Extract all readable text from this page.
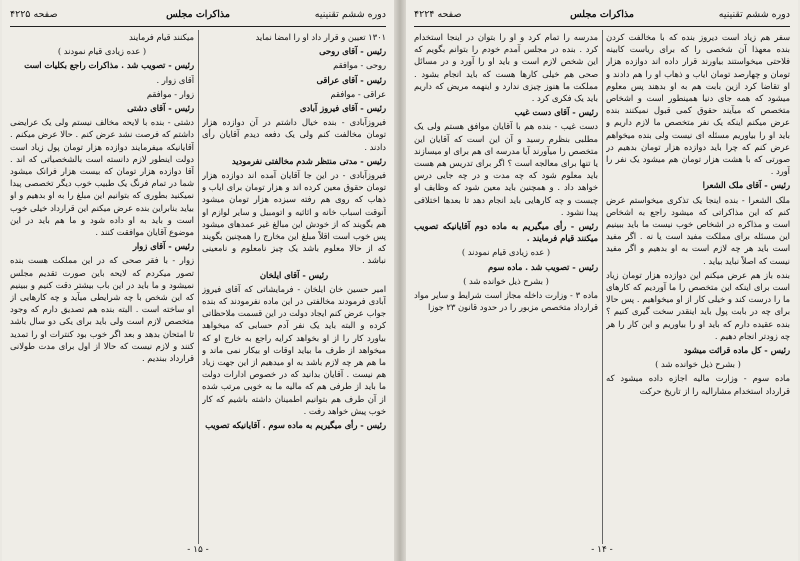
صفحه ۴۲۲۵	مذاکرات مجلس	دوره ششم تقنینیه

۱۳۰۱ تعیین و قرار داد او را امضا نماید

رئیس - آقای روحی

روحی - موافقم

رئیس - آقای عراقی

عراقی - موافقم

رئیس - آقای فیروز آبادی

فیروزآبادی - بنده خیال داشتم در آن دوازده هزار تومان مخالفت کنم ولی یک دفعه دیدم آقایان رأی دادند .

رئیس - مدتی منتظر شدم مخالفتی نفرمودید

فیروزآبادی - در این جا آقایان آمده اند دوازده هزار تومان حقوق معین کرده اند و هزار تومان برای ایاب و ذهاب که روی هم رفته سیزده هزار تومان میشود آنوقت اسباب خانه و اثاثیه و اتومبیل و سایر لوازم او هم بگویند که از خودش این مبالغ غیر عمدهای میشود پس خوب است اقلاً مبلغ این مخارج را همچنین بگویند که از حالا معلوم باشد یک چیز نامعلوم و نامعینی نباشد .

رئیس - آقای ایلخان

امیر حسین خان ایلخان - فرمایشاتی که آقای فیروز آبادی فرمودند مخالفتی در این ماده نفرمودند که بنده جواب عرض کنم ایجاد دولت در این قسمت ملاحظاتی کرده و البته باید یک نفر آدم حسابی که میخواهد بیاورد کار را از او بخواهد کرایه راجع به خارج او که میخواهد از طرف ما بیاید اوقات او بیکار نمی ماند و ما هم هر چه لازم باشد به او میدهیم از این جهت زیاد هم نیست . آقایان بدانید که در خصوص ادارات دولت ما باید از طرفی هم که مالیه ما به خوبی مرتب شده از آن طرف هم بتوانیم اطمینان داشته باشیم که کار خوب پیش خواهد رفت .

رئیس - رأی میگیریم به ماده سوم . آقایانیکه تصویب

میکنند قیام فرمایند

( عده زیادی قیام نمودند )

رئیس - تصویب شد . مذاکرات راجع بکلیات است

آقای زوار .

زوار - موافقم

رئیس - آقای دشتی

دشتی - بنده با لایحه مخالف نیستم ولی یک عرایضی داشتم که فرصت نشد عرض کنم . حالا عرض میکنم . آقایانیکه میفرمایند دوازده هزار تومان پول زیاد است دولت اینطور لازم دانسته است بالشخصیاتی که اند . آقا دوازده هزار تومان که بیست هزار فرانک میشود شما در تمام فرنگ یک طبیب خوب دیگر تخصصی پیدا نمیکنید بطوری که بتوانیم این مبلغ را به او بدهیم و او بیاید بنابراین بنده عرض میکنم این قرارداد خیلی خوب است و باید به او داده شود و ما هم باید در این موضوع آقایان موافقت کنند .

رئیس - آقای زوار

زوار - با فقر صحی که در این مملکت هست بنده تصور میکردم که لایحه باین صورت تقدیم مجلس نمیشود و ما باید در این باب بیشتر دقت کنیم و ببینیم که این شخص با چه شرایطی میآید و چه کارهایی از او ساخته است . البته بنده هم تصدیق دارم که وجود متخصص لازم است ولی باید برای یکی دو سال باشد تا امتحان بدهد و بعد اگر خوب بود کنترات او را تمدید کنند و لازم نیست که حالا از اول برای مدت طولانی قرارداد ببندیم .

- ۱۵ -
صفحه ۴۲۲۴	مذاکرات مجلس	دوره ششم تقنینیه

سفر هم زیاد است دیروز بنده که با مخالفت کردن بنده معهذا آن شخصی را که برای ریاست کابینه فلاحتی میخواستند بیاورند قرار داده اند دوازده هزار تومان و چهارصد تومان ایاب و ذهاب او را هم دادند و او تقاضا کرد ازین بابت هم به او بدهند پس معلوم میشود که همه جای دنیا همینطور است و اشخاص متخصص که میآیند حقوق کمی قبول نمیکنند بنده عرض میکنم اینکه یک نفر متخصص ما لازم داریم و باید او را بیاوریم مسئله ای نیست ولی بنده میخواهم عرض کنم که چرا باید دوازده هزار تومان بدهیم در صورتی که با هشت هزار تومان هم میشود یک نفر را آورد .

رئیس - آقای ملک الشعرا

ملک الشعرا - بنده اینجا یک تذکری میخواستم عرض کنم که این مذاکراتی که میشود راجع به اشخاص است و مذاکره در اشخاص خوب نیست ما باید ببینیم این مسئله برای مملکت مفید است یا نه . اگر مفید است باید هر چه لازم است به او بدهیم و اگر مفید نیست که اصلاً نباید بیاید .

بنده باز هم عرض میکنم این دوازده هزار تومان زیاد است برای اینکه این متخصص را ما آوردیم که کارهای ما را درست کند و خیلی کار از او میخواهیم . پس حالا برای چه در بابت پول باید اینقدر سخت گیری کنیم ؟ بنده عقیده دارم که باید او را بیاوریم و این کار را هر چه زودتر انجام دهیم .

رئیس - کل ماده قرائت میشود

( بشرح ذیل خوانده شد )

ماده سوم - وزارت مالیه اجازه داده میشود که قرارداد استخدام مشارالیه را از تاریخ حرکت

مدرسه را تمام کرد و او را بتوان در اینجا استخدام کرد . بنده در مجلس آمدم خودم را بتوانم بگویم که این شخص لازم است و باید او را آورد و در مسائل صحی هم خیلی کارها هست که باید انجام بشود . مملکت ما هنوز چیزی ندارد و اینهمه مریض که داریم باید یک فکری کرد .

رئیس - آقای دست غیب

دست غیب - بنده هم با آقایان موافق هستم ولی یک مطلبی بنظرم رسید و آن این است که آقایان این متخصص را میآورند آیا مدرسه ای هم برای او میسازند یا تنها برای معالجه است ؟ اگر برای تدریس هم هست باید معلوم شود که چه مدت و در چه جایی درس خواهد داد . و همچنین باید معین شود که وظایف او چیست و چه کارهایی باید انجام دهد تا بعدها اختلافی پیدا نشود .

رئیس - رأی میگیریم به ماده دوم آقایانیکه تصویب میکنند قیام فرمایند .

( عده زیادی قیام نمودند )

رئیس - تصویب شد . ماده سوم

( بشرح ذیل خوانده شد )

ماده ۳ - وزارت داخله مجاز است شرایط و سایر مواد قرارداد متخصص مزبور را در حدود قانون ۲۳ جوزا

- ۱۴ -
